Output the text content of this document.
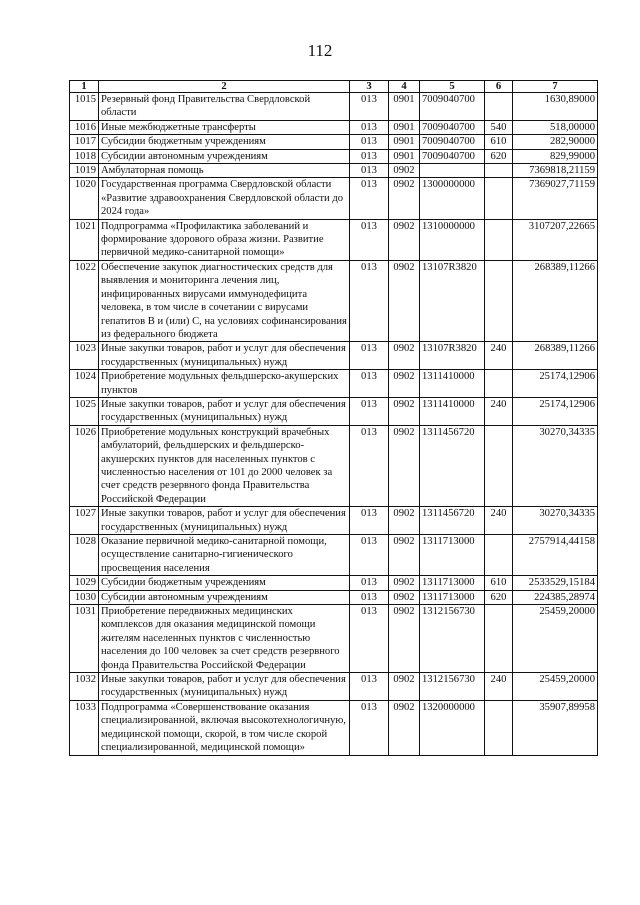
112
1	2	3	4	5	6	7
1015	Резервный фонд Правительства Свердловской области	013	0901	7009040700		1630,89000
1016	Иные межбюджетные трансферты	013	0901	7009040700	540	518,00000
1017	Субсидии бюджетным учреждениям	013	0901	7009040700	610	282,90000
1018	Субсидии автономным учреждениям	013	0901	7009040700	620	829,99000
1019	Амбулаторная помощь	013	0902			7369818,21159
1020	Государственная программа Свердловской области «Развитие здравоохранения Свердловской области до 2024 года»	013	0902	1300000000		7369027,71159
1021	Подпрограмма «Профилактика заболеваний и формирование здорового образа жизни. Развитие первичной медико-санитарной помощи»	013	0902	1310000000		3107207,22665
1022	Обеспечение закупок диагностических средств для выявления и мониторинга лечения лиц, инфицированных вирусами иммунодефицита человека, в том числе в сочетании с вирусами гепатитов В и (или) С, на условиях софинансирования из федерального бюджета	013	0902	13107R3820		268389,11266
1023	Иные закупки товаров, работ и услуг для обеспечения государственных (муниципальных) нужд	013	0902	13107R3820	240	268389,11266
1024	Приобретение модульных фельдшерско-акушерских пунктов	013	0902	1311410000		25174,12906
1025	Иные закупки товаров, работ и услуг для обеспечения государственных (муниципальных) нужд	013	0902	1311410000	240	25174,12906
1026	Приобретение модульных конструкций врачебных амбулаторий, фельдшерских и фельдшерско-акушерских пунктов для населенных пунктов с численностью населения от 101 до 2000 человек за счет средств резервного фонда Правительства Российской Федерации	013	0902	1311456720		30270,34335
1027	Иные закупки товаров, работ и услуг для обеспечения государственных (муниципальных) нужд	013	0902	1311456720	240	30270,34335
1028	Оказание первичной медико-санитарной помощи, осуществление санитарно-гигиенического просвещения населения	013	0902	1311713000		2757914,44158
1029	Субсидии бюджетным учреждениям	013	0902	1311713000	610	2533529,15184
1030	Субсидии автономным учреждениям	013	0902	1311713000	620	224385,28974
1031	Приобретение передвижных медицинских комплексов для оказания медицинской помощи жителям населенных пунктов с численностью населения до 100 человек за счет средств резервного фонда Правительства Российской Федерации	013	0902	1312156730		25459,20000
1032	Иные закупки товаров, работ и услуг для обеспечения государственных (муниципальных) нужд	013	0902	1312156730	240	25459,20000
1033	Подпрограмма «Совершенствование оказания специализированной, включая высокотехнологичную, медицинской помощи, скорой, в том числе скорой специализированной, медицинской помощи»	013	0902	1320000000		35907,89958
